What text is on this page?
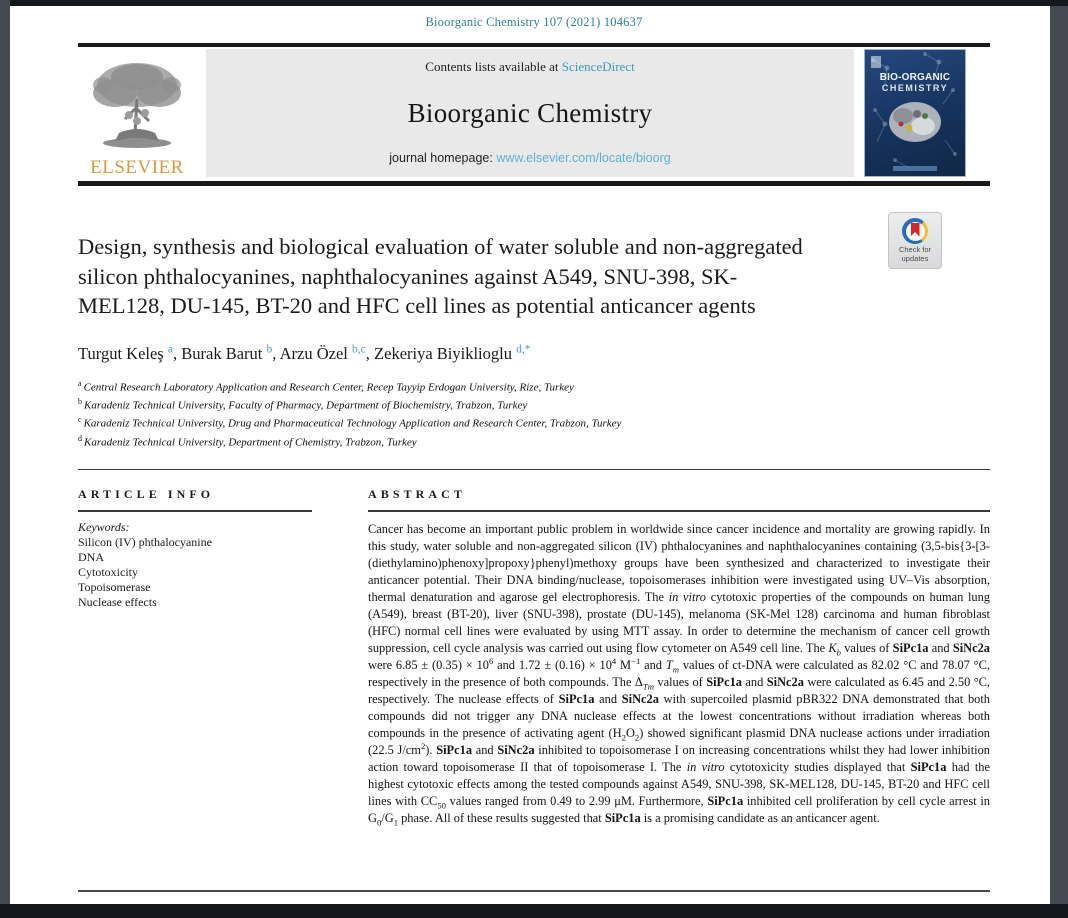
Bioorganic Chemistry 107 (2021) 104637
ELSEVIER
Contents lists available at ScienceDirect
Bioorganic Chemistry
journal homepage: www.elsevier.com/locate/bioorg
BIO-ORGANIC
CHEMISTRY
Design, synthesis and biological evaluation of water soluble and non-aggregated silicon phthalocyanines, naphthalocyanines against A549, SNU-398, SK-MEL128, DU-145, BT-20 and HFC cell lines as potential anticancer agents
Check for
updates
Turgut Keleş $^a$, Burak Barut $^b$, Arzu Özel $^{b,c}$, Zekeriya Biyiklioglu $^{d,*}$
$^a$ Central Research Laboratory Application and Research Center, Recep Tayyip Erdogan University, Rize, Turkey
$^b$ Karadeniz Technical University, Faculty of Pharmacy, Department of Biochemistry, Trabzon, Turkey
$^c$ Karadeniz Technical University, Drug and Pharmaceutical Technology Application and Research Center, Trabzon, Turkey
$^d$ Karadeniz Technical University, Department of Chemistry, Trabzon, Turkey
ARTICLE INFO
Keywords:
Silicon (IV) phthalocyanine
DNA
Cytotoxicity
Topoisomerase
Nuclease effects
ABSTRACT
Cancer has become an important public problem in worldwide since cancer incidence and mortality are growing rapidly. In this study, water soluble and non-aggregated silicon (IV) phthalocyanines and naphthalocyanines containing (3,5-bis{3-[3-(diethylamino)phenoxy]propoxy}phenyl)methoxy groups have been synthesized and characterized to investigate their anticancer potential. Their DNA binding/nuclease, topoisomerases inhibition were investigated using UV–Vis absorption, thermal denaturation and agarose gel electrophoresis. The in vitro cytotoxic properties of the compounds on human lung (A549), breast (BT-20), liver (SNU-398), prostate (DU-145), melanoma (SK-Mel 128) carcinoma and human fibroblast (HFC) normal cell lines were evaluated by using MTT assay. In order to determine the mechanism of cancer cell growth suppression, cell cycle analysis was carried out using flow cytometer on A549 cell line. The $K_b$ values of SiPc1a and SiNc2a were $6.85 \pm (0.35) \times 10^6$ and $1.72 \pm (0.16) \times 10^4$ $M^{-1}$ and $T_m$ values of ct-DNA were calculated as 82.02 °C and 78.07 °C, respectively in the presence of both compounds. The $\Delta_{Tm}$ values of SiPc1a and SiNc2a were calculated as 6.45 and 2.50 °C, respectively. The nuclease effects of SiPc1a and SiNc2a with supercoiled plasmid pBR322 DNA demonstrated that both compounds did not trigger any DNA nuclease effects at the lowest concentrations without irradiation whereas both compounds in the presence of activating agent $(H_2O_2)$ showed significant plasmid DNA nuclease actions under irradiation (22.5 $J/cm^2$). SiPc1a and SiNc2a inhibited to topoisomerase I on increasing concentrations whilst they had lower inhibition action toward topoisomerase II that of topoisomerase I. The in vitro cytotoxicity studies displayed that SiPc1a had the highest cytotoxic effects among the tested compounds against A549, SNU-398, SK-MEL128, DU-145, BT-20 and HFC cell lines with $CC_{50}$ values ranged from 0.49 to 2.99 μM. Furthermore, SiPc1a inhibited cell proliferation by cell cycle arrest in $G_0/G_1$ phase. All of these results suggested that SiPc1a is a promising candidate as an anticancer agent.
